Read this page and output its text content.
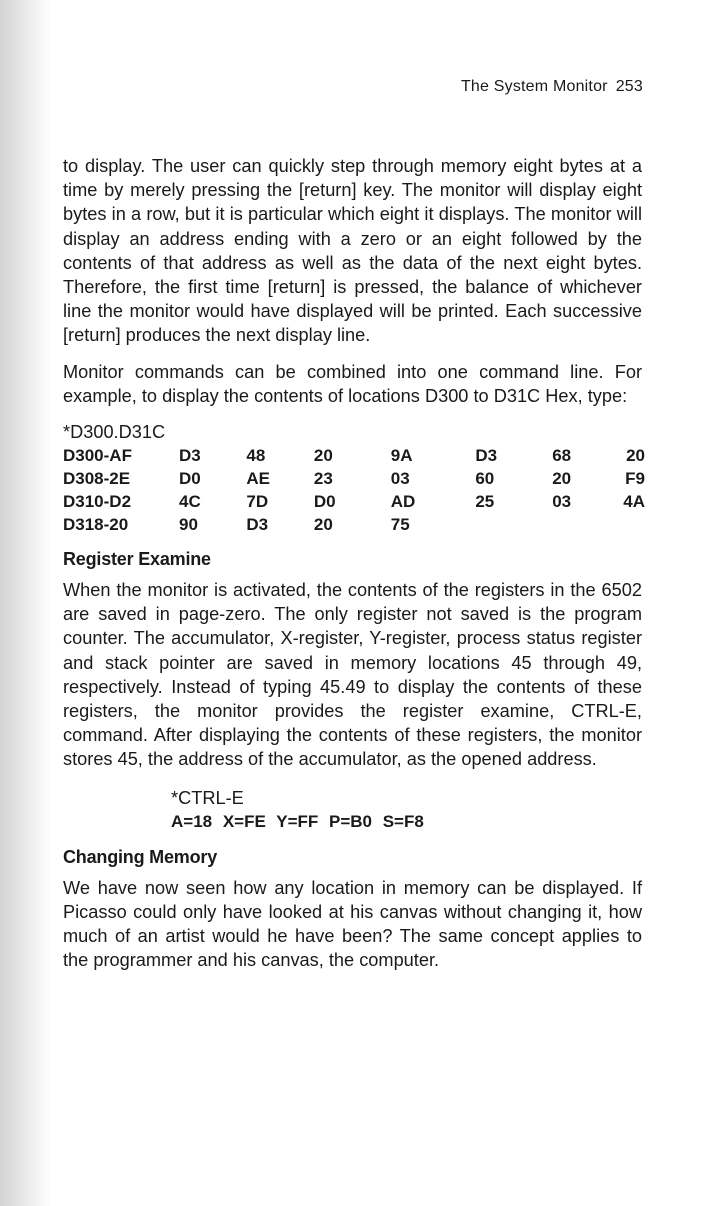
The System Monitor 253

to display. The user can quickly step through memory eight bytes at a time by merely pressing the [return] key. The monitor will display eight bytes in a row, but it is particular which eight it displays. The monitor will display an address ending with a zero or an eight followed by the contents of that address as well as the data of the next eight bytes. Therefore, the first time [return] is pressed, the balance of whichever line the monitor would have displayed will be printed. Each successive [return] produces the next display line.

Monitor commands can be combined into one command line. For example, to display the contents of locations D300 to D31C Hex, type:

*D300.D31C
D300-AF	D3	48	20	9A	D3	68	20
D308-2E	D0	AE	23	03	60	20	F9
D310-D2	4C	7D	D0	AD	25	03	4A
D318-20	90	D3	20	75			
Register Examine

When the monitor is activated, the contents of the registers in the 6502 are saved in page-zero. The only register not saved is the program counter. The accumulator, X-register, Y-register, process status register and stack pointer are saved in memory locations 45 through 49, respectively. Instead of typing 45.49 to display the contents of these registers, the monitor provides the register examine, CTRL-E, command. After displaying the contents of these registers, the monitor stores 45, the address of the accumulator, as the opened address.

*CTRL-E
A=18 X=FE Y=FF P=B0 S=F8
Changing Memory

We have now seen how any location in memory can be displayed. If Picasso could only have looked at his canvas without changing it, how much of an artist would he have been? The same concept applies to the programmer and his canvas, the computer.
